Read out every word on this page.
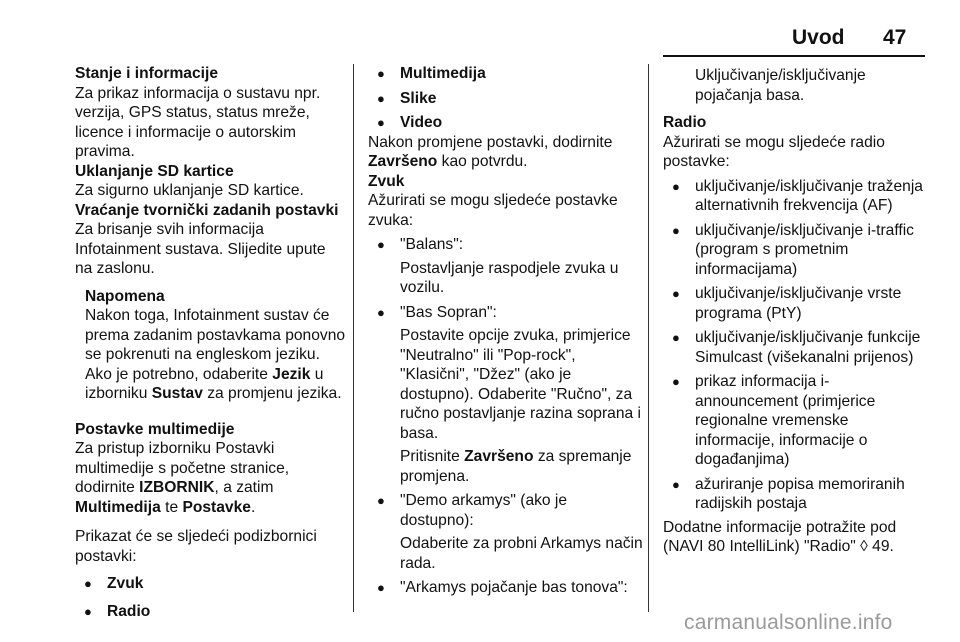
Uvod 47

Stanje i informacije

Za prikaz informacija o sustavu npr. verzija, GPS status, status mreže, licence i informacije o autorskim pravima.

Uklanjanje SD kartice

Za sigurno uklanjanje SD kartice.

Vraćanje tvornički zadanih postavki

Za brisanje svih informacija Infotainment sustava. Slijedite upute na zaslonu.

Napomena

Nakon toga, Infotainment sustav će prema zadanim postavkama ponovno se pokrenuti na engleskom jeziku. Ako je potrebno, odaberite Jezik u izborniku Sustav za promjenu jezika.

Postavke multimedije

Za pristup izborniku Postavki multimedije s početne stranice, dodirnite IZBORNIK, a zatim Multimedija te Postavke.

Prikazat će se sljedeći podizbornici postavki:

● Zvuk
● Radio
● Multimedija
● Slike
● Video

Nakon promjene postavki, dodirnite Završeno kao potvrdu.

Zvuk

Ažurirati se mogu sljedeće postavke zvuka:

● "Balans":

Postavljanje raspodjele zvuka u vozilu.

● "Bas Sopran":

Postavite opcije zvuka, primjerice "Neutralno" ili "Pop-rock", "Klasični", "Džez" (ako je dostupno). Odaberite "Ručno", za ručno postavljanje razina soprana i basa.

Pritisnite Završeno za spremanje promjena.

● "Demo arkamys" (ako je dostupno):

Odaberite za probni Arkamys način rada.

● "Arkamys pojačanje bas tonova":

Uključivanje/isključivanje pojačanja basa.

Radio

Ažurirati se mogu sljedeće radio postavke:

● uključivanje/isključivanje traženja alternativnih frekvencija (AF)
● uključivanje/isključivanje i-traffic (program s prometnim informacijama)
● uključivanje/isključivanje vrste programa (PtY)
● uključivanje/isključivanje funkcije Simulcast (višekanalni prijenos)
● prikaz informacija i-announcement (primjerice regionalne vremenske informacije, informacije o događanjima)
● ažuriranje popisa memoriranih radijskih postaja

Dodatne informacije potražite pod (NAVI 80 IntelliLink) "Radio" ◊ 49.

carmanualsonline.info
